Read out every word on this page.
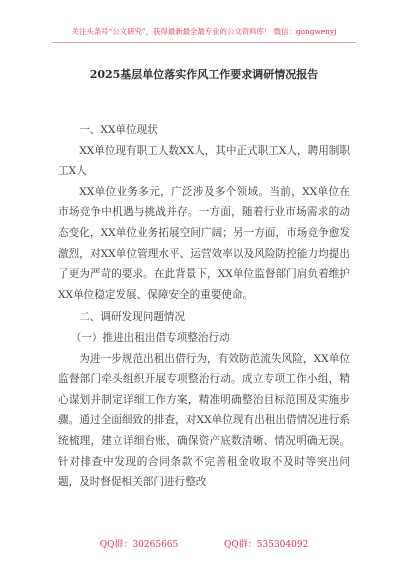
关注头条号“公文研究”，获得最新最全最专业的公文资料库！ 微信：gongwenyj
2025基层单位落实作风工作要求调研情况报告

一、XX单位现状

XX单位现有职工人数XX人，其中正式职工X人，聘用制职工X人

XX单位业务多元，广泛涉及多个领域。当前，XX单位在市场竞争中机遇与挑战并存。一方面，随着行业市场需求的动态变化，XX单位业务拓展空间广阔；另一方面，市场竞争愈发激烈，对XX单位管理水平、运营效率以及风险防控能力均提出了更为严苛的要求。在此背景下，XX单位监督部门肩负着维护XX单位稳定发展、保障安全的重要使命。

二、调研发现问题情况

（一）推进出租出借专项整治行动

为进一步规范出租出借行为，有效防范流失风险，XX单位监督部门牵头组织开展专项整治行动。成立专项工作小组，精心谋划并制定详细工作方案，精准明确整治目标范围及实施步骤。通过全面细致的排查，对XX单位现有出租出借情况进行系统梳理，建立详细台账，确保资产底数清晰、情况明确无误。针对排查中发现的合同条款不完善租金收取不及时等突出问题，及时督促相关部门进行整改

QQ群：30265665	QQ群：535304092
